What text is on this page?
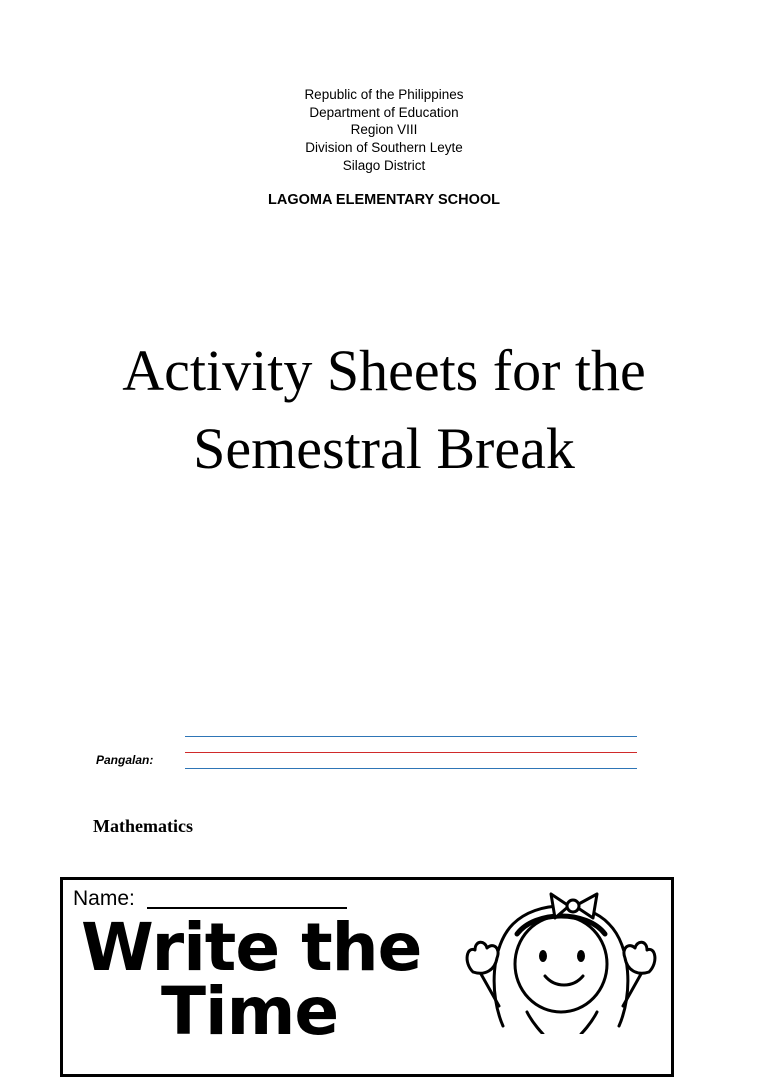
Republic of the Philippines
Department of Education
Region VIII
Division of Southern Leyte
Silago District
LAGOMA ELEMENTARY SCHOOL
Activity Sheets for the
Semestral Break
Pangalan:
Mathematics
Name:
Write the
Time
